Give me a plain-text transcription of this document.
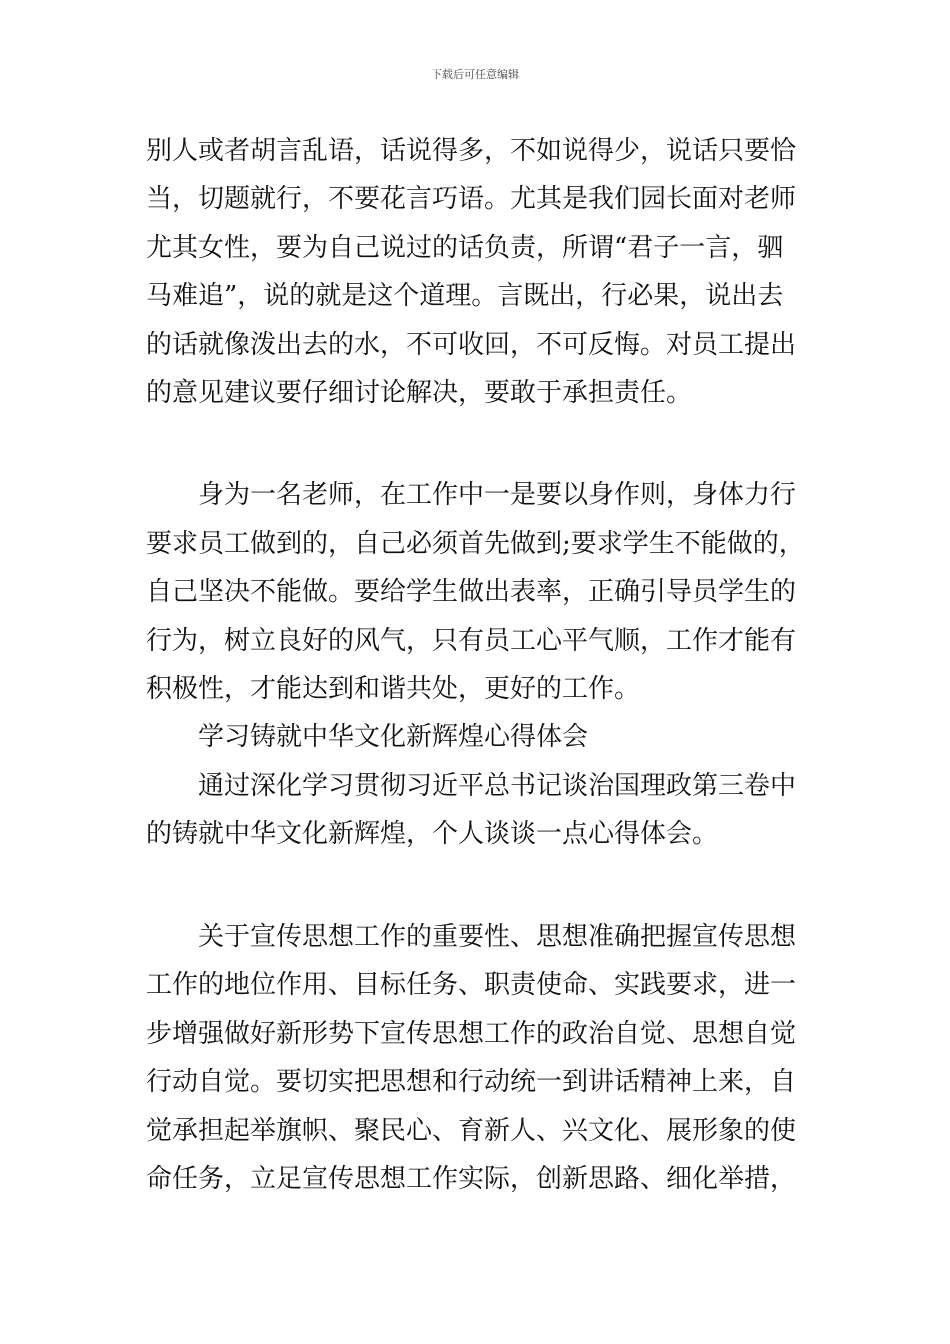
下载后可任意编辑
别人或者胡言乱语，话说得多，不如说得少，说话只要恰
当，切题就行，不要花言巧语。尤其是我们园长面对老师
尤其女性，要为自己说过的话负责，所谓“君子一言，驷
马难追”，说的就是这个道理。言既出，行必果，说出去
的话就像泼出去的水，不可收回，不可反悔。对员工提出
的意见建议要仔细讨论解决，要敢于承担责任。
身为一名老师，在工作中一是要以身作则，身体力行
要求员工做到的，自己必须首先做到;要求学生不能做的，
自己坚决不能做。要给学生做出表率，正确引导员学生的
行为，树立良好的风气，只有员工心平气顺，工作才能有
积极性，才能达到和谐共处，更好的工作。
学习铸就中华文化新辉煌心得体会
通过深化学习贯彻习近平总书记谈治国理政第三卷中
的铸就中华文化新辉煌，个人谈谈一点心得体会。
关于宣传思想工作的重要性、思想准确把握宣传思想
工作的地位作用、目标任务、职责使命、实践要求，进一
步增强做好新形势下宣传思想工作的政治自觉、思想自觉
行动自觉。要切实把思想和行动统一到讲话精神上来，自
觉承担起举旗帜、聚民心、育新人、兴文化、展形象的使
命任务，立足宣传思想工作实际，创新思路、细化举措，
